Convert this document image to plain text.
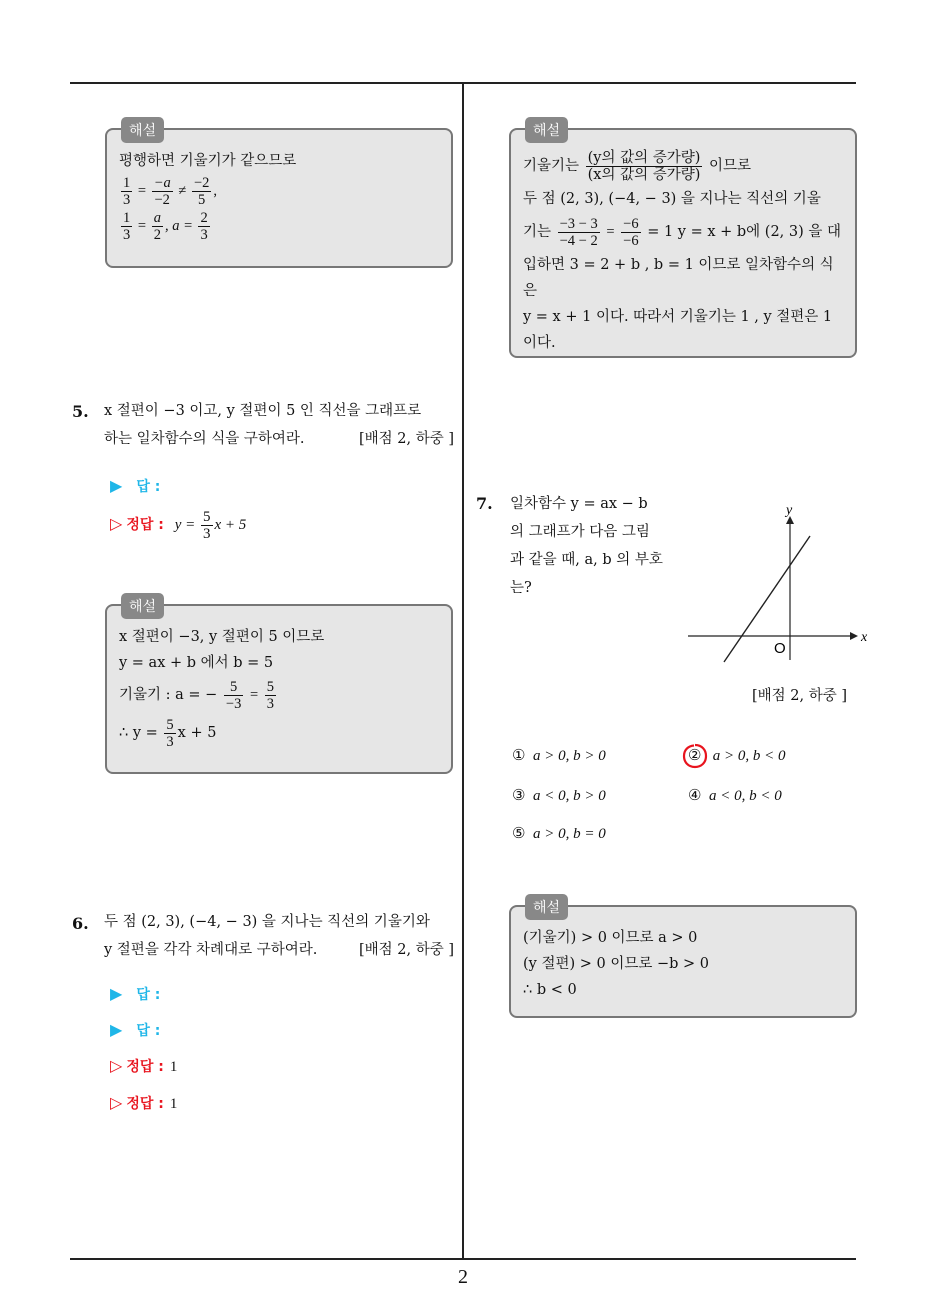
해설
평행하면 기울기가 같으므로
$\frac{1}{3} = \frac{-a}{-2} \ne \frac{-2}{5}$ ,
$\frac{1}{3} = \frac{a}{2}$ , $a = \frac{2}{3}$
5. x 절편이 −3 이고, y 절편이 5 인 직선을 그래프로
하는 일차함수의 식을 구하여라.	[배점 2, 하중 ]
▶ 답 :
▷ 정답 : $y = \frac{5}{3}$ x + 5
해설
x 절편이 −3, y 절편이 5 이므로
y = ax + b 에서 b = 5
기울기 : a = − $\frac{5}{-3} = \frac{5}{3}$
∴ $y = \frac{5}{3}$ x + 5
6. 두 점 (2, 3), (−4, − 3) 을 지나는 직선의 기울기와
y 절편을 각각 차례대로 구하여라.	[배점 2, 하중 ]
▶ 답 :
▶ 답 :
▷ 정답 : 1
▷ 정답 : 1
해설
기울기는 $\frac{\text{(y의 값의 증가량)}}{\text{(x의 값의 증가량)}}$ 이므로
두 점 (2, 3), (−4, − 3) 을 지나는 직선의 기울
기는 $\frac{-3 - 3}{-4 - 2} = \frac{-6}{-6} = 1$ y = x + b에 (2, 3) 을 대
입하면 3 = 2 + b , b = 1 이므로 일차함수의 식은
y = x + 1 이다. 따라서 기울기는 1 , y 절편은 1
이다.
7. 일차함수 y = ax − b
의 그래프가 다음 그림
과 같을 때, a, b 의 부호
는?
y
x
O
[배점 2, 하중 ]
① a > 0, b > 0	② a > 0, b < 0
③ a < 0, b > 0	④ a < 0, b < 0
⑤ a > 0, b = 0
해설
(기울기) > 0 이므로 a > 0
(y 절편) > 0 이므로 −b > 0
∴ b < 0
2
